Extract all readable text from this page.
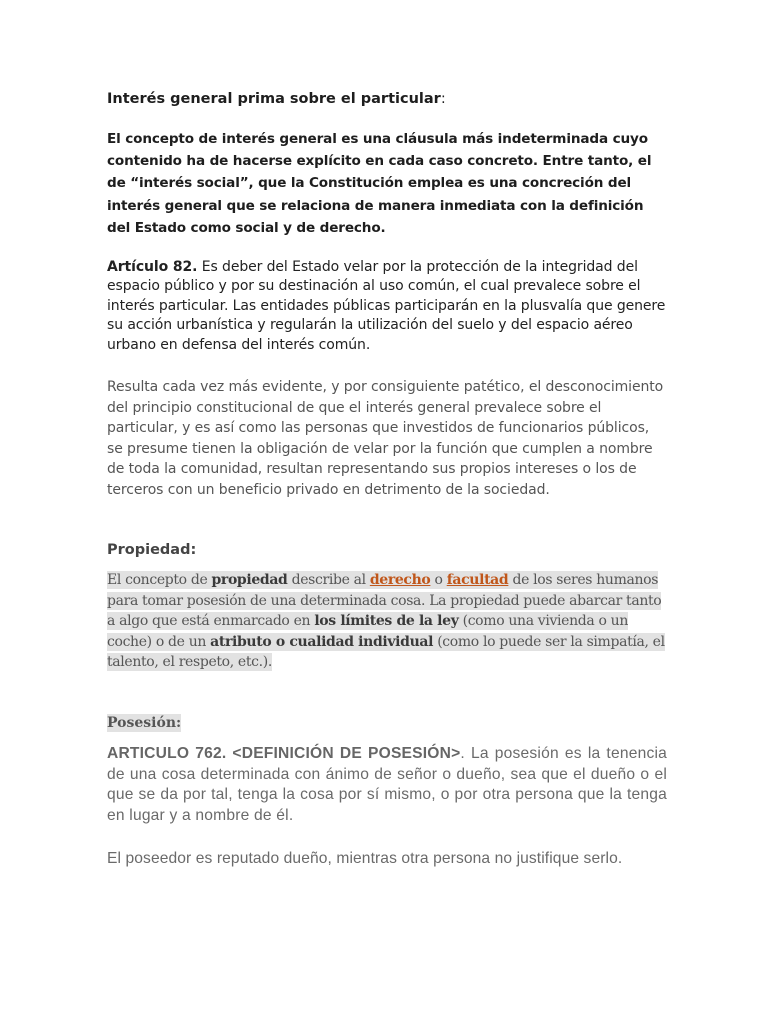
Interés general prima sobre el particular:

El concepto de interés general es una cláusula más indeterminada cuyo contenido ha de hacerse explícito en cada caso concreto. Entre tanto, el de “interés social”, que la Constitución emplea es una concreción del interés general que se relaciona de manera inmediata con la definición del Estado como social y de derecho.

Artículo 82. Es deber del Estado velar por la protección de la integridad del espacio público y por su destinación al uso común, el cual prevalece sobre el interés particular. Las entidades públicas participarán en la plusvalía que genere su acción urbanística y regularán la utilización del suelo y del espacio aéreo urbano en defensa del interés común.

Resulta cada vez más evidente, y por consiguiente patético, el desconocimiento del principio constitucional de que el interés general prevalece sobre el particular, y es así como las personas que investidos de funcionarios públicos, se presume tienen la obligación de velar por la función que cumplen a nombre de toda la comunidad, resultan representando sus propios intereses o los de terceros con un beneficio privado en detrimento de la sociedad.

Propiedad:

El concepto de propiedad describe al derecho o facultad de los seres humanos para tomar posesión de una determinada cosa. La propiedad puede abarcar tanto a algo que está enmarcado en los límites de la ley (como una vivienda o un coche) o de un atributo o cualidad individual (como lo puede ser la simpatía, el talento, el respeto, etc.).

Posesión:

ARTICULO 762. <DEFINICIÓN DE POSESIÓN>. La posesión es la tenencia de una cosa determinada con ánimo de señor o dueño, sea que el dueño o el que se da por tal, tenga la cosa por sí mismo, o por otra persona que la tenga en lugar y a nombre de él.

El poseedor es reputado dueño, mientras otra persona no justifique serlo.
